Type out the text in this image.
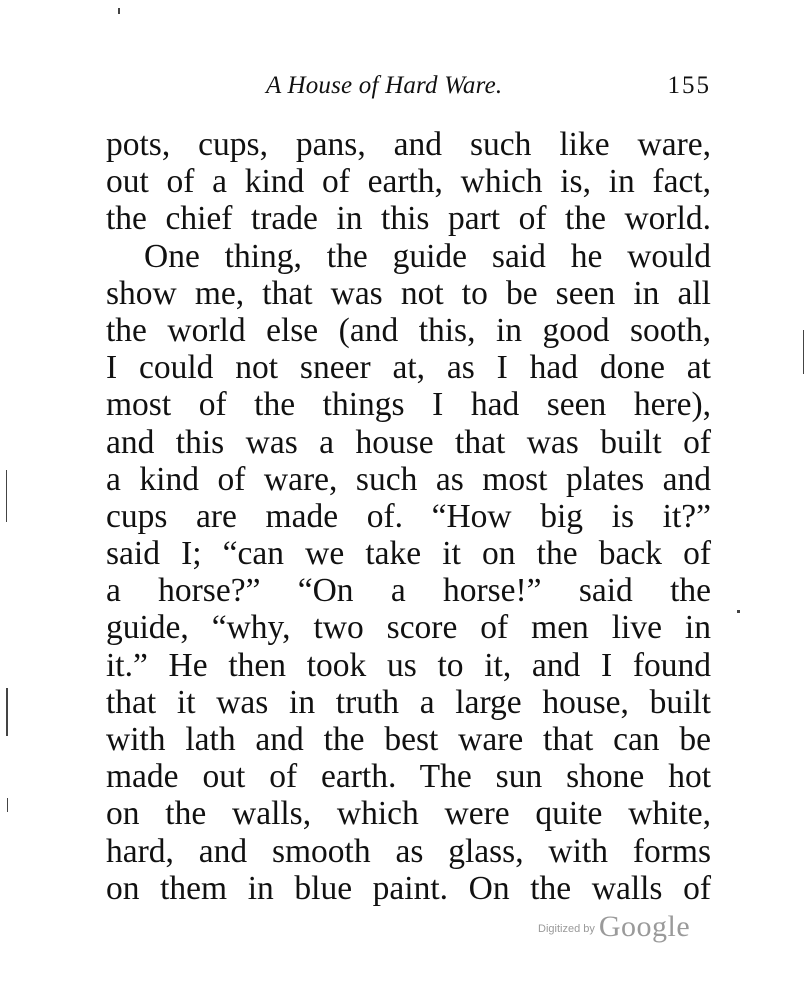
A House of Hard Ware.	155
pots, cups, pans, and such like ware,
out of a kind of earth, which is, in fact,
the chief trade in this part of the world.
One thing, the guide said he would
show me, that was not to be seen in all
the world else (and this, in good sooth,
I could not sneer at, as I had done at
most of the things I had seen here),
and this was a house that was built of
a kind of ware, such as most plates and
cups are made of. “How big is it?”
said I; “can we take it on the back of
a horse?” “On a horse!” said the
guide, “why, two score of men live in
it.” He then took us to it, and I found
that it was in truth a large house, built
with lath and the best ware that can be
made out of earth. The sun shone hot
on the walls, which were quite white,
hard, and smooth as glass, with forms
on them in blue paint. On the walls of
$^{Digitized by}$ Google
